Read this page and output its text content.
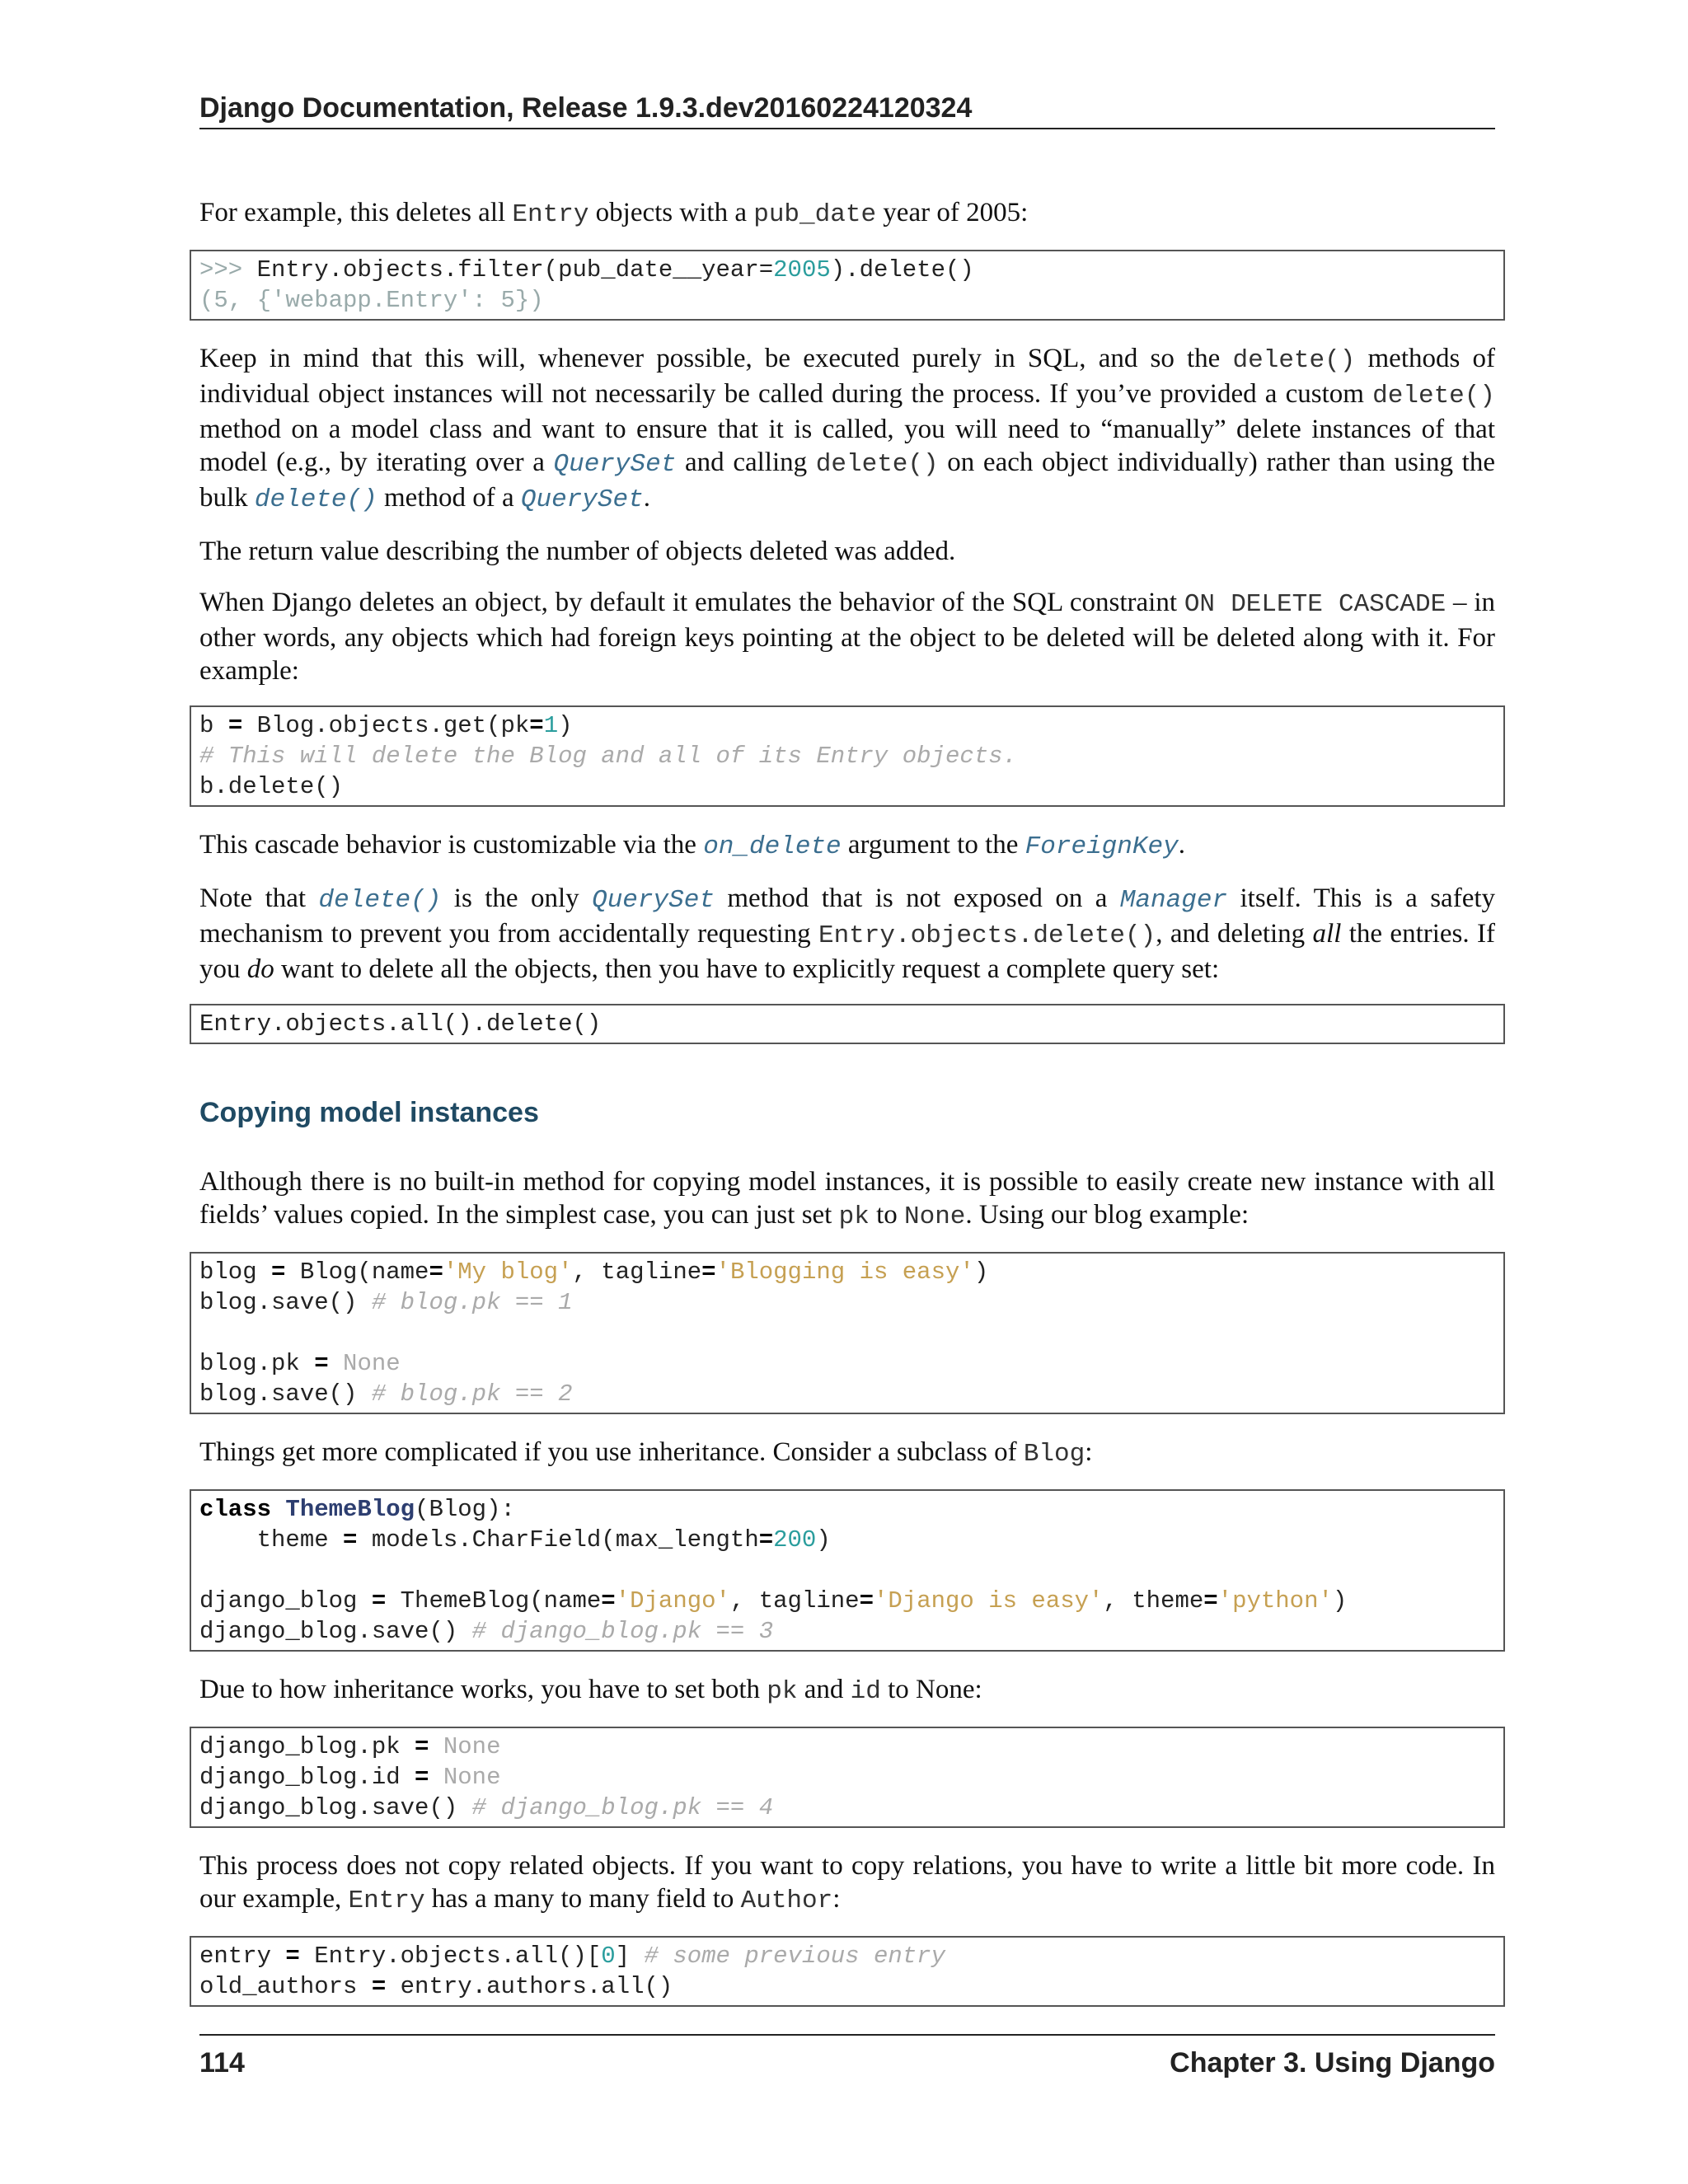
Django Documentation, Release 1.9.3.dev20160224120324

For example, this deletes all Entry objects with a pub_date year of 2005:

>>> Entry.objects.filter(pub_date__year=2005).delete()
(5, {'webapp.Entry': 5})

Keep in mind that this will, whenever possible, be executed purely in SQL, and so the delete() methods of individual object instances will not necessarily be called during the process. If you’ve provided a custom delete() method on a model class and want to ensure that it is called, you will need to “manually” delete instances of that model (e.g., by iterating over a QuerySet and calling delete() on each object individually) rather than using the bulk delete() method of a QuerySet.

The return value describing the number of objects deleted was added.

When Django deletes an object, by default it emulates the behavior of the SQL constraint ON DELETE CASCADE – in other words, any objects which had foreign keys pointing at the object to be deleted will be deleted along with it. For example:

b = Blog.objects.get(pk=1)
# This will delete the Blog and all of its Entry objects.
b.delete()

This cascade behavior is customizable via the on_delete argument to the ForeignKey.

Note that delete() is the only QuerySet method that is not exposed on a Manager itself. This is a safety mechanism to prevent you from accidentally requesting Entry.objects.delete(), and deleting all the entries. If you do want to delete all the objects, then you have to explicitly request a complete query set:

Entry.objects.all().delete()
Copying model instances

Although there is no built-in method for copying model instances, it is possible to easily create new instance with all fields’ values copied. In the simplest case, you can just set pk to None. Using our blog example:

blog = Blog(name='My blog', tagline='Blogging is easy')
blog.save() # blog.pk == 1

blog.pk = None
blog.save() # blog.pk == 2

Things get more complicated if you use inheritance. Consider a subclass of Blog:

class ThemeBlog(Blog):
theme = models.CharField(max_length=200)

django_blog = ThemeBlog(name='Django', tagline='Django is easy', theme='python')
django_blog.save() # django_blog.pk == 3

Due to how inheritance works, you have to set both pk and id to None:

django_blog.pk = None
django_blog.id = None
django_blog.save() # django_blog.pk == 4

This process does not copy related objects. If you want to copy relations, you have to write a little bit more code. In our example, Entry has a many to many field to Author:

entry = Entry.objects.all()[0] # some previous entry
old_authors = entry.authors.all()
114	Chapter 3. Using Django
